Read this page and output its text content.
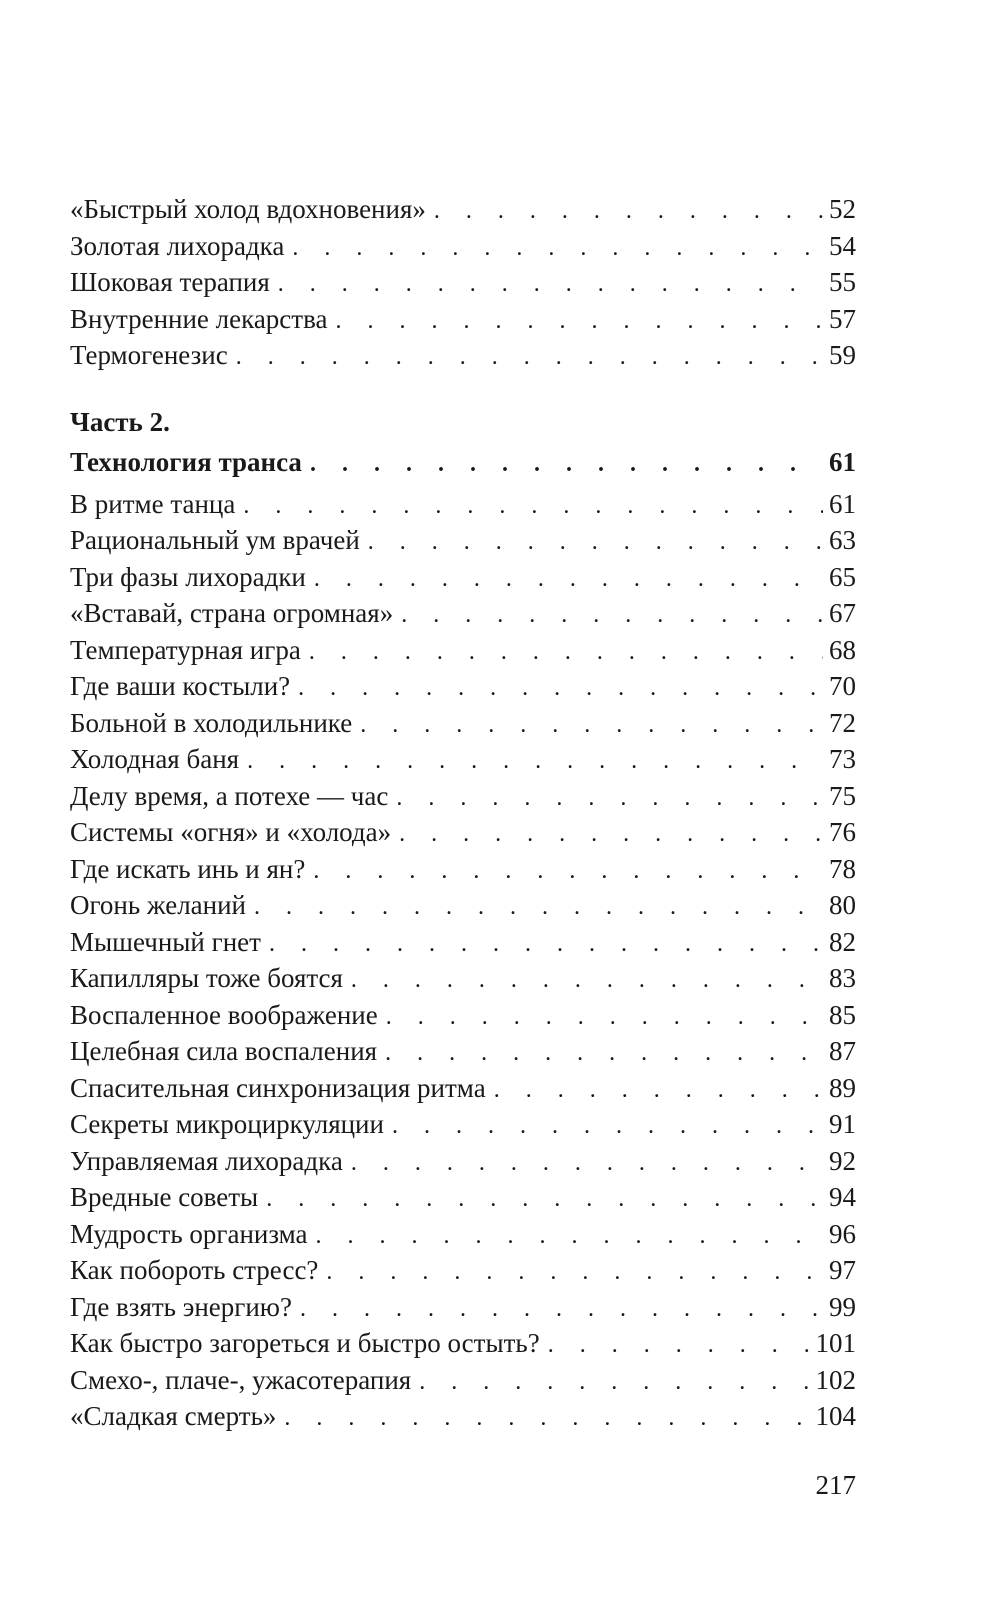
«Быстрый холод вдохновения» . . .	52
Золотая лихорадка . . .	54
Шоковая терапия . . .	55
Внутренние лекарства . . .	57
Термогенезис . . .	59
Часть 2.
Технология транса . . .	61
В ритме танца . . .	61
Рациональный ум врачей . . .	63
Три фазы лихорадки . . .	65
«Вставай, страна огромная» . . .	67
Температурная игра . . .	68
Где ваши костыли? . . .	70
Больной в холодильнике . . .	72
Холодная баня . . .	73
Делу время, а потехе — час . . .	75
Системы «огня» и «холода» . . .	76
Где искать инь и ян? . . .	78
Огонь желаний . . .	80
Мышечный гнет . . .	82
Капилляры тоже боятся . . .	83
Воспаленное воображение . . .	85
Целебная сила воспаления . . .	87
Спасительная синхронизация ритма . . .	89
Секреты микроциркуляции . . .	91
Управляемая лихорадка . . .	92
Вредные советы . . .	94
Мудрость организма . . .	96
Как побороть стресс? . . .	97
Где взять энергию? . . .	99
Как быстро загореться и быстро остыть? . . .	101
Смехо-, плаче-, ужасотерапия . . .	102
«Сладкая смерть» . . .	104
217
